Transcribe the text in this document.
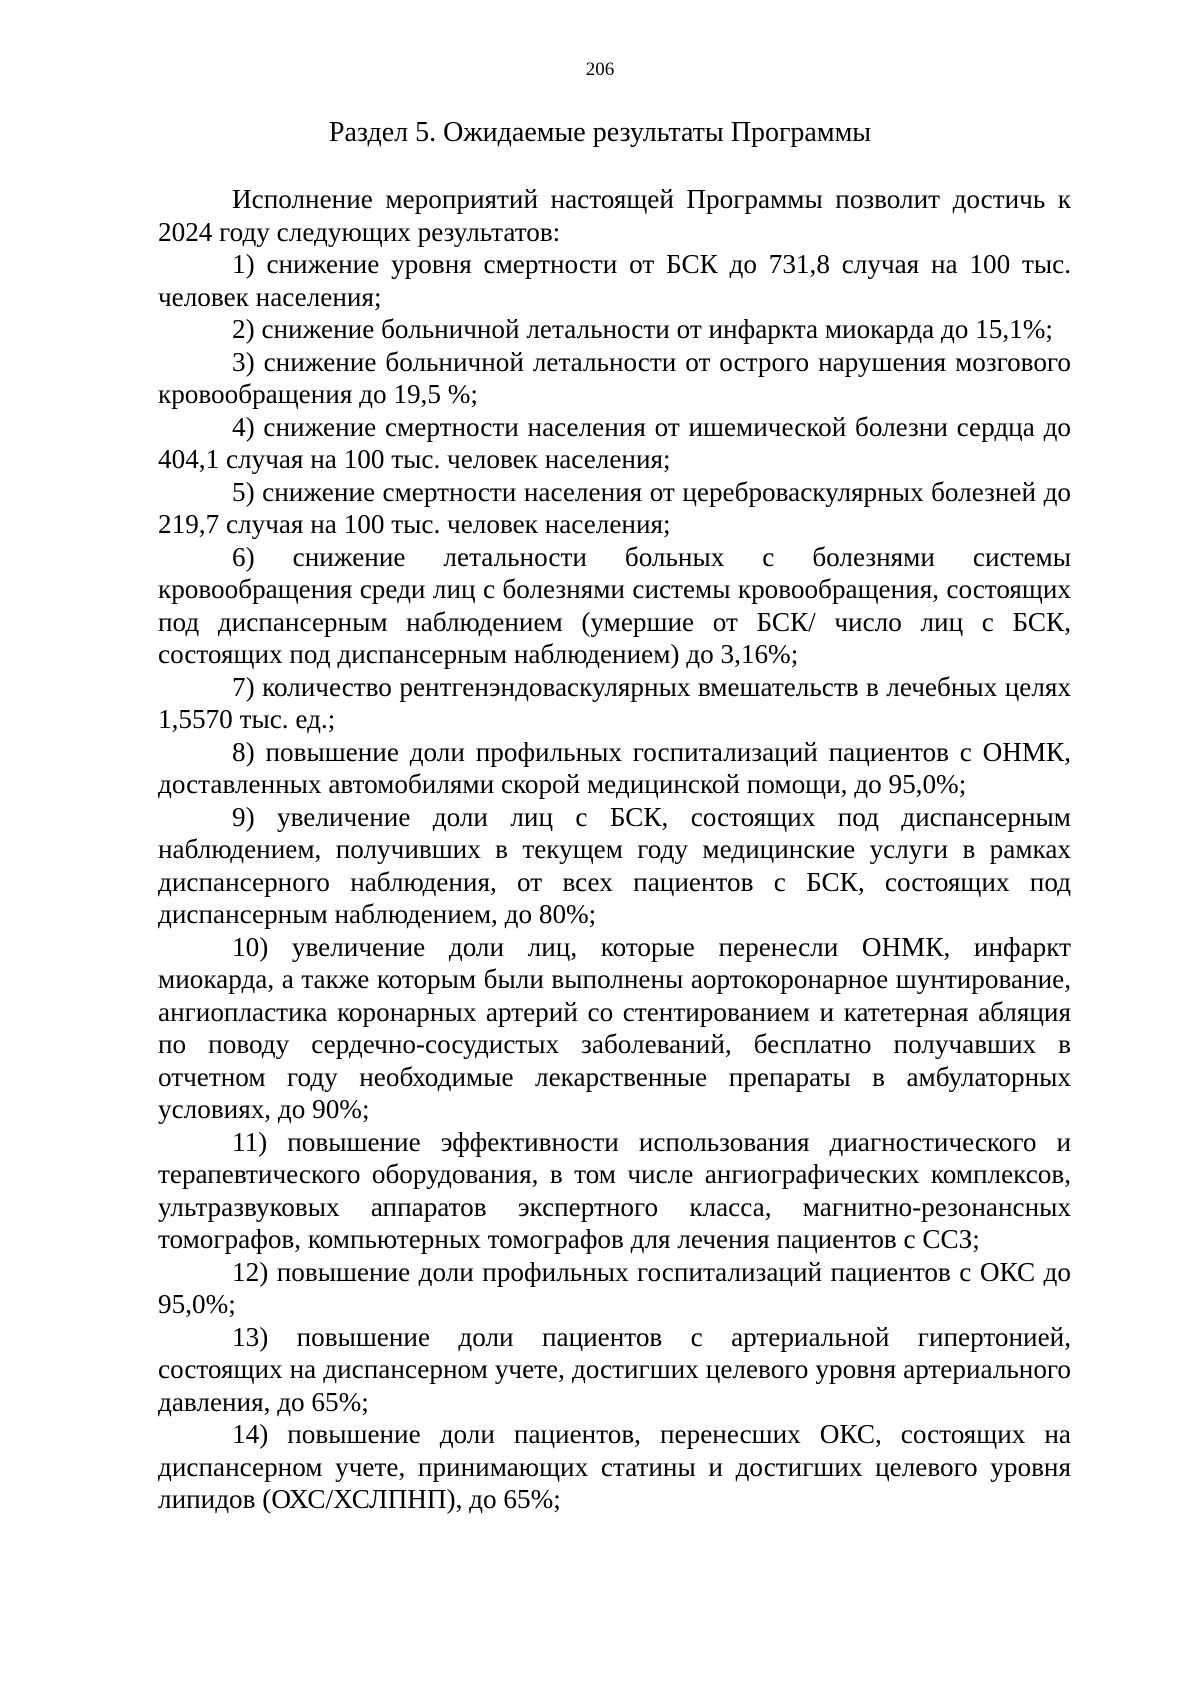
206
Раздел 5. Ожидаемые результаты Программы

Исполнение мероприятий настоящей Программы позволит достичь к 2024 году следующих результатов:

1) снижение уровня смертности от БСК до 731,8 случая на 100 тыс. человек населения;

2) снижение больничной летальности от инфаркта миокарда до 15,1%;

3) снижение больничной летальности от острого нарушения мозгового кровообращения до 19,5 %;

4) снижение смертности населения от ишемической болезни сердца до 404,1 случая на 100 тыс. человек населения;

5) снижение смертности населения от цереброваскулярных болезней до 219,7 случая на 100 тыс. человек населения;

6) снижение летальности больных с болезнями системы кровообращения среди лиц с болезнями системы кровообращения, состоящих под диспансерным наблюдением (умершие от БСК/ число лиц с БСК, состоящих под диспансерным наблюдением) до 3,16%;

7) количество рентгенэндоваскулярных вмешательств в лечебных целях 1,5570 тыс. ед.;

8) повышение доли профильных госпитализаций пациентов с ОНМК, доставленных автомобилями скорой медицинской помощи, до 95,0%;

9) увеличение доли лиц с БСК, состоящих под диспансерным наблюдением, получивших в текущем году медицинские услуги в рамках диспансерного наблюдения, от всех пациентов с БСК, состоящих под диспансерным наблюдением, до 80%;

10) увеличение доли лиц, которые перенесли ОНМК, инфаркт миокарда, а также которым были выполнены аортокоронарное шунтирование, ангиопластика коронарных артерий со стентированием и катетерная абляция по поводу сердечно-сосудистых заболеваний, бесплатно получавших в отчетном году необходимые лекарственные препараты в амбулаторных условиях, до 90%;

11) повышение эффективности использования диагностического и терапевтического оборудования, в том числе ангиографических комплексов, ультразвуковых аппаратов экспертного класса, магнитно-резонансных томографов, компьютерных томографов для лечения пациентов с ССЗ;

12) повышение доли профильных госпитализаций пациентов с ОКС до 95,0%;

13) повышение доли пациентов с артериальной гипертонией, состоящих на диспансерном учете, достигших целевого уровня артериального давления, до 65%;

14) повышение доли пациентов, перенесших ОКС, состоящих на диспансерном учете, принимающих статины и достигших целевого уровня липидов (ОХС/ХСЛПНП), до 65%;
